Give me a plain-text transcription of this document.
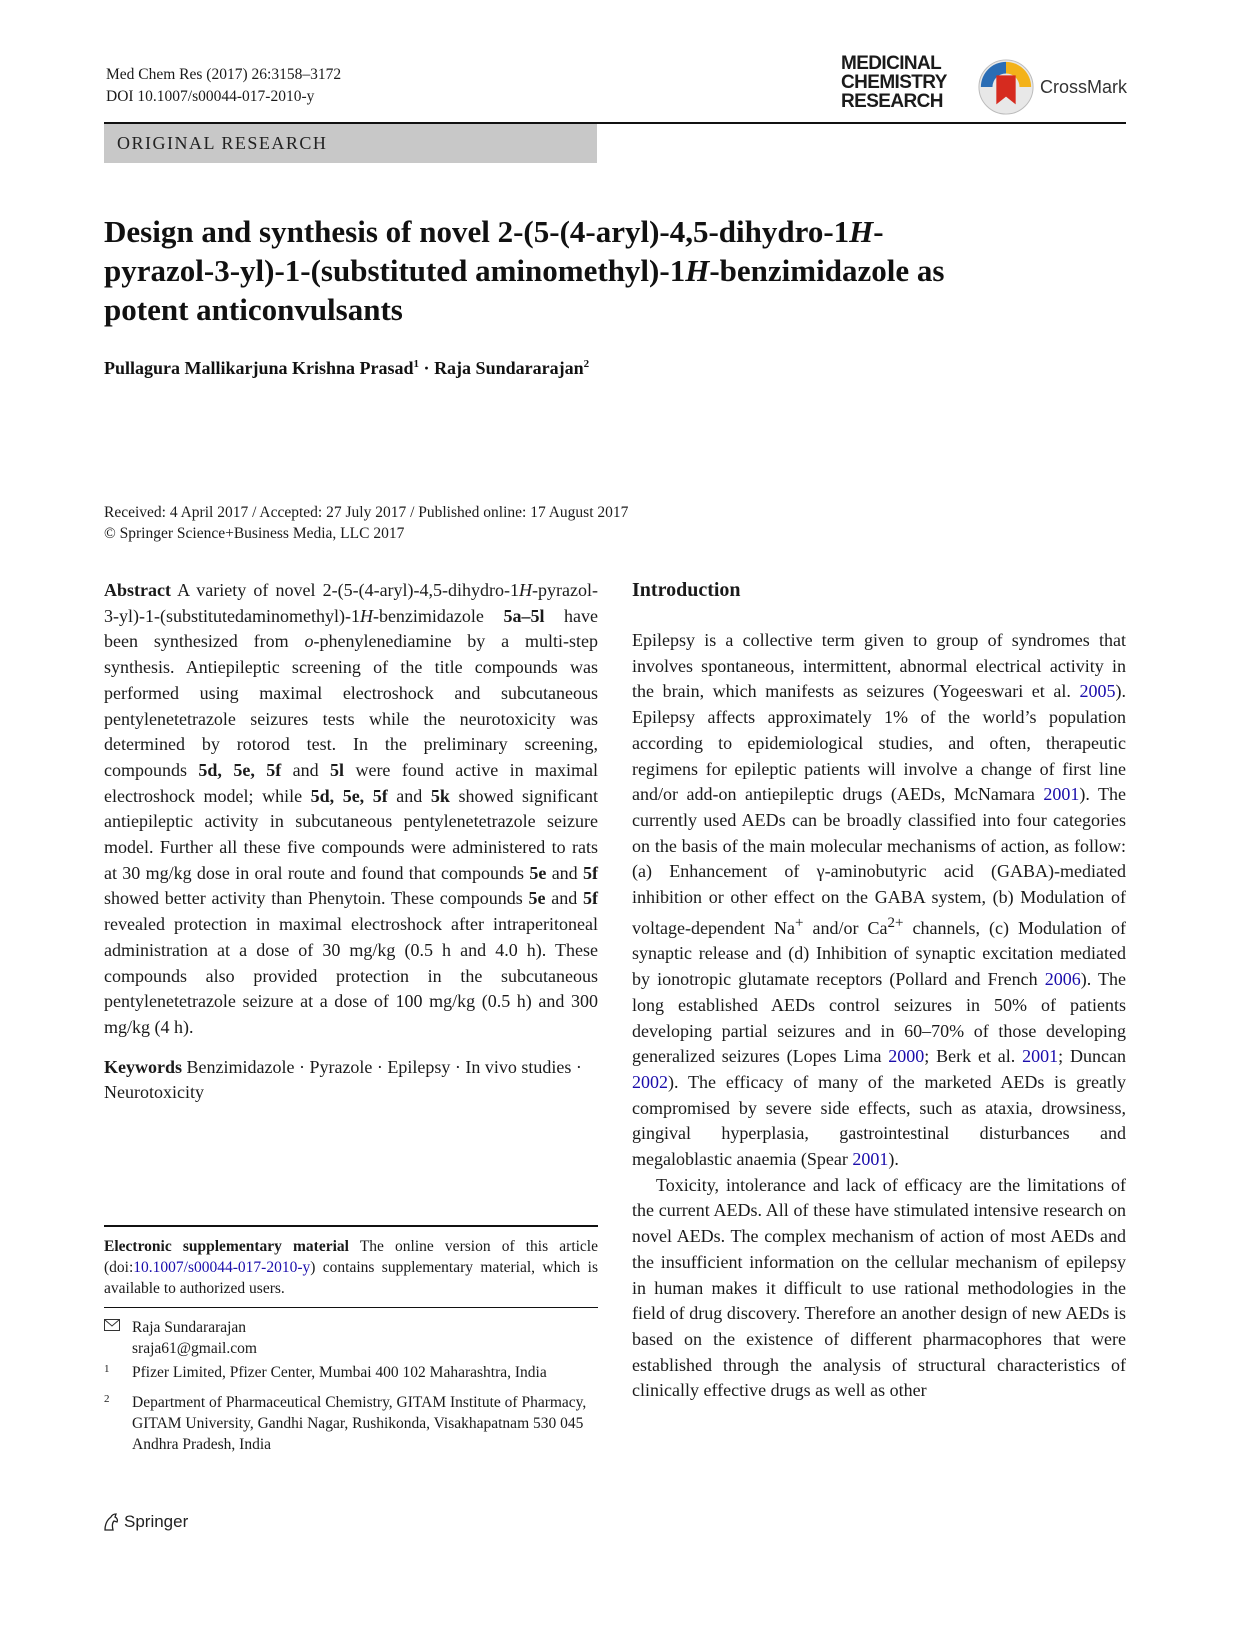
Med Chem Res (2017) 26:3158–3172
DOI 10.1007/s00044-017-2010-y
MEDICINAL
CHEMISTRY
RESEARCH
CrossMark
ORIGINAL RESEARCH
Design and synthesis of novel 2-(5-(4-aryl)-4,5-dihydro-1H-
pyrazol-3-yl)-1-(substituted aminomethyl)-1H-benzimidazole as
potent anticonvulsants
Pullagura Mallikarjuna Krishna Prasad$^1$ · Raja Sundararajan$^2$
Received: 4 April 2017 / Accepted: 27 July 2017 / Published online: 17 August 2017
© Springer Science+Business Media, LLC 2017

Abstract A variety of novel 2-(5-(4-aryl)-4,5-dihydro-1H-pyrazol-3-yl)-1-(substitutedaminomethyl)-1H-benzimidazole 5a–5l have been synthesized from o-phenylenediamine by a multi-step synthesis. Antiepileptic screening of the title compounds was performed using maximal electroshock and subcutaneous pentylenetetrazole seizures tests while the neurotoxicity was determined by rotorod test. In the preliminary screening, compounds 5d, 5e, 5f and 5l were found active in maximal electroshock model; while 5d, 5e, 5f and 5k showed significant antiepileptic activity in subcutaneous pentylenetetrazole seizure model. Further all these five compounds were administered to rats at 30 mg/kg dose in oral route and found that compounds 5e and 5f showed better activity than Phenytoin. These compounds 5e and 5f revealed protection in maximal electroshock after intraperitoneal administration at a dose of 30 mg/kg (0.5 h and 4.0 h). These compounds also provided protection in the subcutaneous pentylenetetrazole seizure at a dose of 100 mg/kg (0.5 h) and 300 mg/kg (4 h).

Keywords Benzimidazole · Pyrazole · Epilepsy · In vivo studies · Neurotoxicity

Electronic supplementary material The online version of this article (doi:10.1007/s00044-017-2010-y) contains supplementary material, which is available to authorized users.
Raja Sundararajan
sraja61@gmail.com
1	Pfizer Limited, Pfizer Center, Mumbai 400 102 Maharashtra, India
2	Department of Pharmaceutical Chemistry, GITAM Institute of Pharmacy, GITAM University, Gandhi Nagar, Rushikonda, Visakhapatnam 530 045 Andhra Pradesh, India
Introduction

Epilepsy is a collective term given to group of syndromes that involves spontaneous, intermittent, abnormal electrical activity in the brain, which manifests as seizures (Yogeeswari et al. 2005). Epilepsy affects approximately 1% of the world’s population according to epidemiological studies, and often, therapeutic regimens for epileptic patients will involve a change of first line and/or add-on antiepileptic drugs (AEDs, McNamara 2001). The currently used AEDs can be broadly classified into four categories on the basis of the main molecular mechanisms of action, as follow: (a) Enhancement of γ-aminobutyric acid (GABA)-mediated inhibition or other effect on the GABA system, (b) Modulation of voltage-dependent Na+ and/or $Ca^{2+}$ channels, (c) Modulation of synaptic release and (d) Inhibition of synaptic excitation mediated by ionotropic glutamate receptors (Pollard and French 2006). The long established AEDs control seizures in 50% of patients developing partial seizures and in 60–70% of those developing generalized seizures (Lopes Lima 2000; Berk et al. 2001; Duncan 2002). The efficacy of many of the marketed AEDs is greatly compromised by severe side effects, such as ataxia, drowsiness, gingival hyperplasia, gastrointestinal disturbances and megaloblastic anaemia (Spear 2001).

Toxicity, intolerance and lack of efficacy are the limitations of the current AEDs. All of these have stimulated intensive research on novel AEDs. The complex mechanism of action of most AEDs and the insufficient information on the cellular mechanism of epilepsy in human makes it difficult to use rational methodologies in the field of drug discovery. Therefore an another design of new AEDs is based on the existence of different pharmacophores that were established through the analysis of structural characteristics of clinically effective drugs as well as other

Springer
